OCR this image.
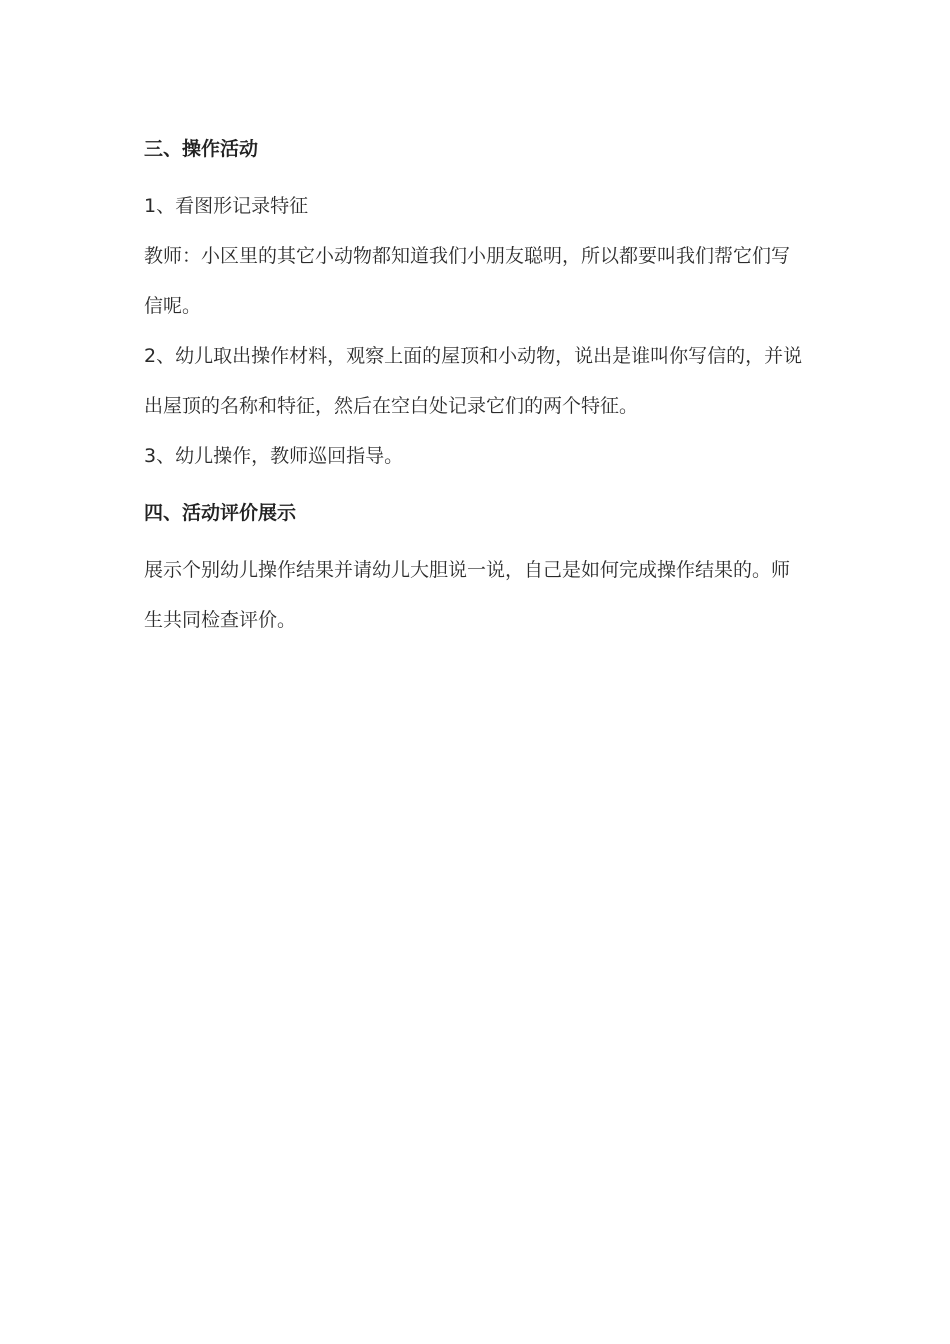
三、操作活动

1、看图形记录特征

教师：小区里的其它小动物都知道我们小朋友聪明，所以都要叫我们帮它们写信呢。

2、幼儿取出操作材料，观察上面的屋顶和小动物，说出是谁叫你写信的，并说出屋顶的名称和特征，然后在空白处记录它们的两个特征。

3、幼儿操作，教师巡回指导。

四、活动评价展示

展示个别幼儿操作结果并请幼儿大胆说一说，自己是如何完成操作结果的。师生共同检查评价。
